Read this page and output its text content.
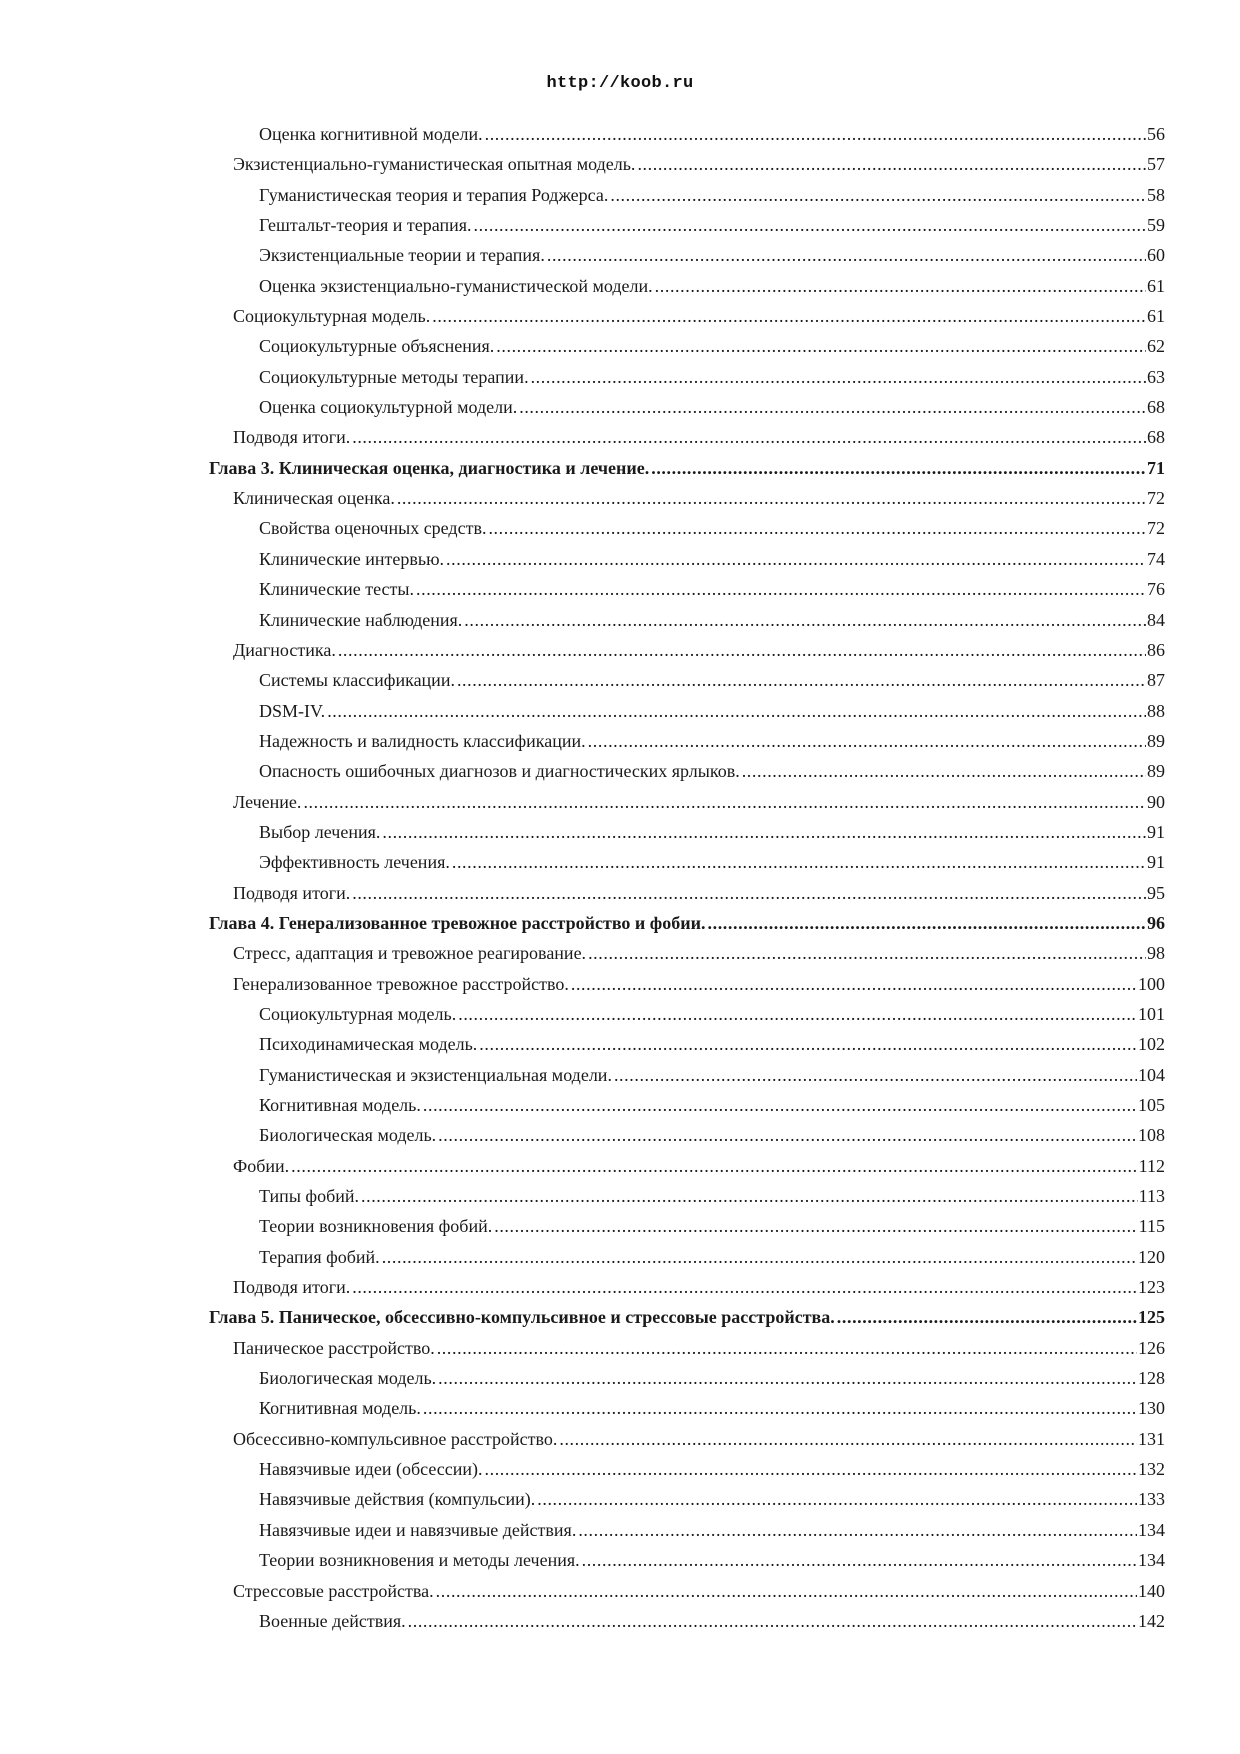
http://koob.ru
Оценка когнитивной модели. .....	56
Экзистенциально-гуманистическая опытная модель. .....	57
Гуманистическая теория и терапия Роджерса. .....	58
Гештальт-теория и терапия. .....	59
Экзистенциальные теории и терапия. .....	60
Оценка экзистенциально-гуманистической модели. .....	61
Социокультурная модель. .....	61
Социокультурные объяснения. .....	62
Социокультурные методы терапии. .....	63
Оценка социокультурной модели. .....	68
Подводя итоги. .....	68
Глава 3. Клиническая оценка, диагностика и лечение. .....	71
Клиническая оценка. .....	72
Свойства оценочных средств. .....	72
Клинические интервью. .....	74
Клинические тесты. .....	76
Клинические наблюдения. .....	84
Диагностика. .....	86
Системы классификации. .....	87
DSM-IV. .....	88
Надежность и валидность классификации. .....	89
Опасность ошибочных диагнозов и диагностических ярлыков. .....	89
Лечение. .....	90
Выбор лечения. .....	91
Эффективность лечения. .....	91
Подводя итоги. .....	95
Глава 4. Генерализованное тревожное расстройство и фобии. .....	96
Стресс, адаптация и тревожное реагирование. .....	98
Генерализованное тревожное расстройство. .....	100
Социокультурная модель. .....	101
Психодинамическая модель. .....	102
Гуманистическая и экзистенциальная модели. .....	104
Когнитивная модель. .....	105
Биологическая модель. .....	108
Фобии. .....	112
Типы фобий. .....	113
Теории возникновения фобий. .....	115
Терапия фобий. .....	120
Подводя итоги. .....	123
Глава 5. Паническое, обсессивно-компульсивное и стрессовые расстройства. .....	125
Паническое расстройство. .....	126
Биологическая модель. .....	128
Когнитивная модель. .....	130
Обсессивно-компульсивное расстройство. .....	131
Навязчивые идеи (обсессии). .....	132
Навязчивые действия (компульсии). .....	133
Навязчивые идеи и навязчивые действия. .....	134
Теории возникновения и методы лечения. .....	134
Стрессовые расстройства. .....	140
Военные действия. .....	142
